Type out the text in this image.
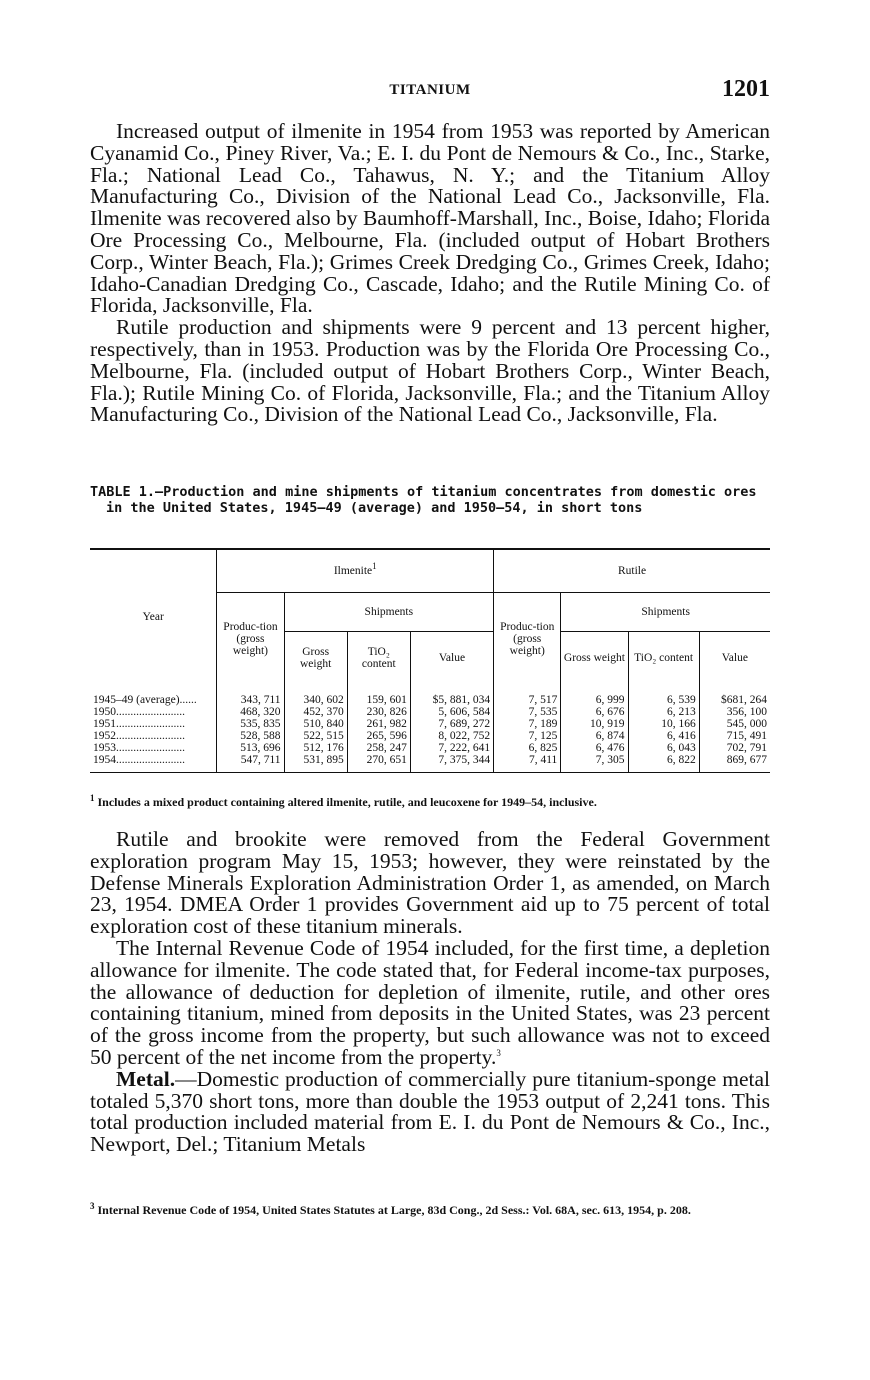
TITANIUM	1201

Increased output of ilmenite in 1954 from 1953 was reported by American Cyanamid Co., Piney River, Va.; E. I. du Pont de Nemours & Co., Inc., Starke, Fla.; National Lead Co., Tahawus, N. Y.; and the Titanium Alloy Manufacturing Co., Division of the National Lead Co., Jacksonville, Fla. Ilmenite was recovered also by Baumhoff-Marshall, Inc., Boise, Idaho; Florida Ore Processing Co., Melbourne, Fla. (included output of Hobart Brothers Corp., Winter Beach, Fla.); Grimes Creek Dredging Co., Grimes Creek, Idaho; Idaho-Canadian Dredging Co., Cascade, Idaho; and the Rutile Mining Co. of Florida, Jacksonville, Fla.

Rutile production and shipments were 9 percent and 13 percent higher, respectively, than in 1953. Production was by the Florida Ore Processing Co., Melbourne, Fla. (included output of Hobart Brothers Corp., Winter Beach, Fla.); Rutile Mining Co. of Florida, Jacksonville, Fla.; and the Titanium Alloy Manufacturing Co., Division of the National Lead Co., Jacksonville, Fla.

TABLE 1.—Production and mine shipments of titanium concentrates from domestic ores in the United States, 1945–49 (average) and 1950–54, in short tons
Year	Ilmenite$^1$				Rutile			
	Produc-tion (gross weight)	Shipments			Produc-tion (gross weight)	Shipments		
		Gross weight	TiO₂ content	Value		Gross weight	TiO₂ content	Value
1945–49 (average)......	343, 711	340, 602	159, 601	$5, 881, 034	7, 517	6, 999	6, 539	$681, 264
1950........................	468, 320	452, 370	230, 826	5, 606, 584	7, 535	6, 676	6, 213	356, 100
1951........................	535, 835	510, 840	261, 982	7, 689, 272	7, 189	10, 919	10, 166	545, 000
1952........................	528, 588	522, 515	265, 596	8, 022, 752	7, 125	6, 874	6, 416	715, 491
1953........................	513, 696	512, 176	258, 247	7, 222, 641	6, 825	6, 476	6, 043	702, 791
1954........................	547, 711	531, 895	270, 651	7, 375, 344	7, 411	7, 305	6, 822	869, 677
$^1$ Includes a mixed product containing altered ilmenite, rutile, and leucoxene for 1949–54, inclusive.

Rutile and brookite were removed from the Federal Government exploration program May 15, 1953; however, they were reinstated by the Defense Minerals Exploration Administration Order 1, as amended, on March 23, 1954. DMEA Order 1 provides Government aid up to 75 percent of total exploration cost of these titanium minerals.

The Internal Revenue Code of 1954 included, for the first time, a depletion allowance for ilmenite. The code stated that, for Federal income-tax purposes, the allowance of deduction for depletion of ilmenite, rutile, and other ores containing titanium, mined from deposits in the United States, was 23 percent of the gross income from the property, but such allowance was not to exceed 50 percent of the net income from the property.$^3$

Metal.—Domestic production of commercially pure titanium-sponge metal totaled 5,370 short tons, more than double the 1953 output of 2,241 tons. This total production included material from E. I. du Pont de Nemours & Co., Inc., Newport, Del.; Titanium Metals

$^3$ Internal Revenue Code of 1954, United States Statutes at Large, 83d Cong., 2d Sess.: Vol. 68A, sec. 613, 1954, p. 208.
